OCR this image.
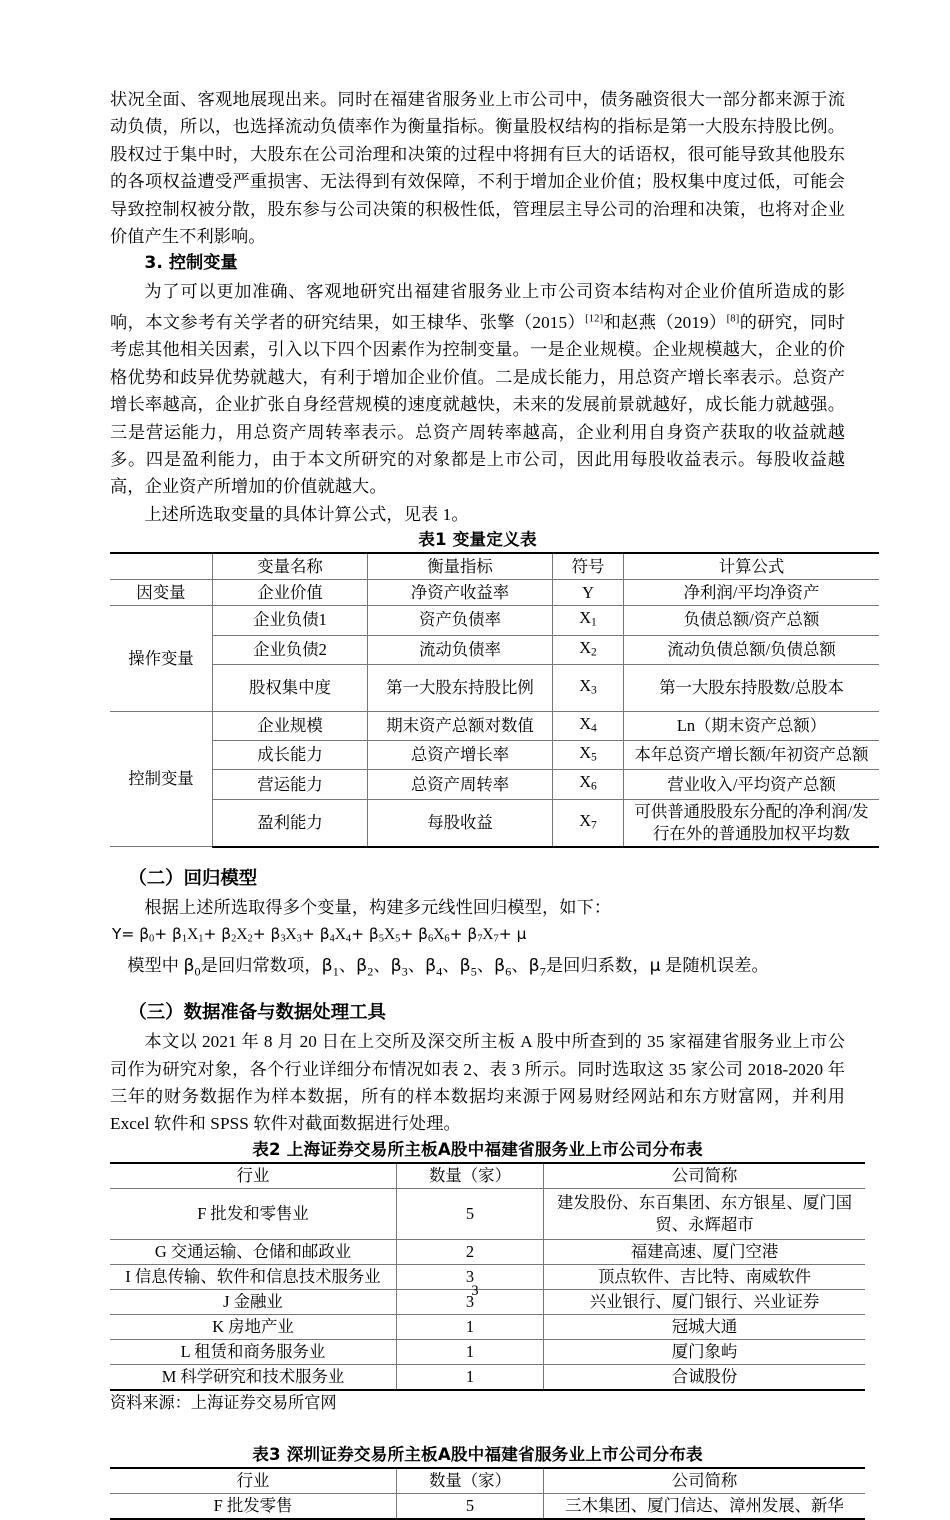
状况全面、客观地展现出来。同时在福建省服务业上市公司中，债务融资很大一部分都来源于流动负债，所以，也选择流动负债率作为衡量指标。衡量股权结构的指标是第一大股东持股比例。股权过于集中时，大股东在公司治理和决策的过程中将拥有巨大的话语权，很可能导致其他股东的各项权益遭受严重损害、无法得到有效保障，不利于增加企业价值；股权集中度过低，可能会导致控制权被分散，股东参与公司决策的积极性低，管理层主导公司的治理和决策，也将对企业价值产生不利影响。

3. 控制变量

为了可以更加准确、客观地研究出福建省服务业上市公司资本结构对企业价值所造成的影响，本文参考有关学者的研究结果，如王棣华、张擎（2015）[12]和赵燕（2019）[8]的研究，同时考虑其他相关因素，引入以下四个因素作为控制变量。一是企业规模。企业规模越大，企业的价格优势和歧异优势就越大，有利于增加企业价值。二是成长能力，用总资产增长率表示。总资产增长率越高，企业扩张自身经营规模的速度就越快，未来的发展前景就越好，成长能力就越强。三是营运能力，用总资产周转率表示。总资产周转率越高，企业利用自身资产获取的收益就越多。四是盈利能力，由于本文所研究的对象都是上市公司，因此用每股收益表示。每股收益越高，企业资产所增加的价值就越大。

上述所选取变量的具体计算公式，见表 1。

表1 变量定义表

	变量名称	衡量指标	符号	计算公式
因变量	企业价值	净资产收益率	Y	净利润/平均净资产
操作变量	企业负债1	资产负债率	$X_1$	负债总额/资产总额
	企业负债2	流动负债率	$X_2$	流动负债总额/负债总额
	股权集中度	第一大股东持股比例	$X_3$	第一大股东持股数/总股本
控制变量	企业规模	期末资产总额对数值	$X_4$	Ln（期末资产总额）
	成长能力	总资产增长率	$X_5$	本年总资产增长额/年初资产总额
	营运能力	总资产周转率	$X_6$	营业收入/平均资产总额
	盈利能力	每股收益	$X_7$	可供普通股股东分配的净利润/发行在外的普通股加权平均数

（二）回归模型

根据上述所选取得多个变量，构建多元线性回归模型，如下：

$Y= \beta_0+ \beta_1X_1+ \beta_2X_2+ \beta_3X_3+ \beta_4X_4+ \beta_5X_5+ \beta_6X_6+ \beta_7X_7+ \mu$

模型中 $\beta_0$是回归常数项，$\beta_1$、$\beta_2$、$\beta_3$、$\beta_4$、$\beta_5$、$\beta_6$、$\beta_7$是回归系数，μ 是随机误差。

（三）数据准备与数据处理工具

本文以 2021 年 8 月 20 日在上交所及深交所主板 A 股中所查到的 35 家福建省服务业上市公司作为研究对象，各个行业详细分布情况如表 2、表 3 所示。同时选取这 35 家公司 2018-2020 年三年的财务数据作为样本数据，所有的样本数据均来源于网易财经网站和东方财富网，并利用 Excel 软件和 SPSS 软件对截面数据进行处理。

表2 上海证券交易所主板A股中福建省服务业上市公司分布表

行业	数量（家）	公司简称
F 批发和零售业	5	建发股份、东百集团、东方银星、厦门国贸、永辉超市
G 交通运输、仓储和邮政业	2	福建高速、厦门空港
I 信息传输、软件和信息技术服务业	3	顶点软件、吉比特、南威软件
J 金融业	3	兴业银行、厦门银行、兴业证券
K 房地产业	1	冠城大通
L 租赁和商务服务业	1	厦门象屿
M 科学研究和技术服务业	1	合诚股份

资料来源：上海证券交易所官网

表3 深圳证券交易所主板A股中福建省服务业上市公司分布表

行业	数量（家）	公司简称
F 批发零售	5	三木集团、厦门信达、漳州发展、新华
3
